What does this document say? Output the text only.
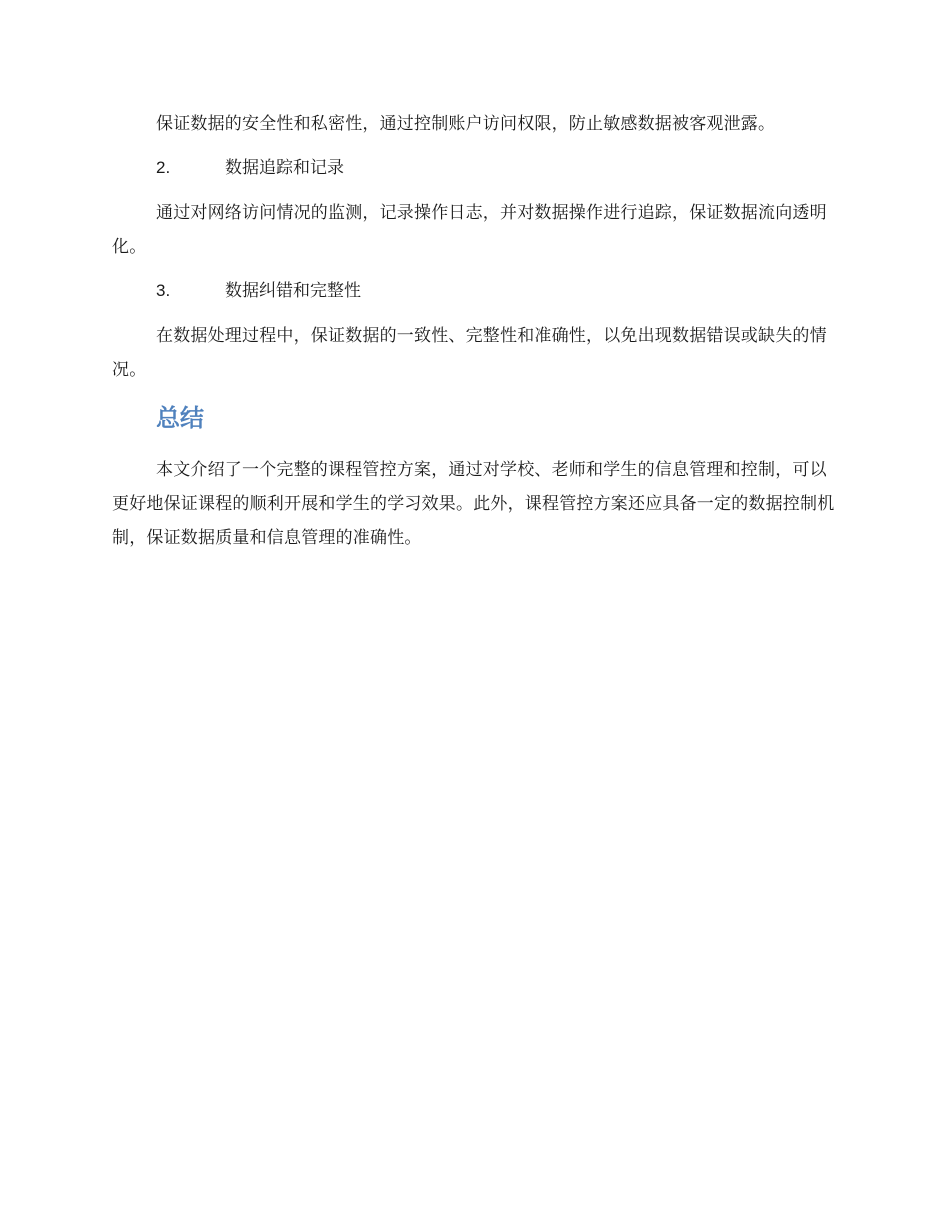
保证数据的安全性和私密性，通过控制账户访问权限，防止敏感数据被客观泄露。

2.	数据追踪和记录

通过对网络访问情况的监测，记录操作日志，并对数据操作进行追踪，保证数据流向透明化。

3.	数据纠错和完整性

在数据处理过程中，保证数据的一致性、完整性和准确性，以免出现数据错误或缺失的情况。

总结

本文介绍了一个完整的课程管控方案，通过对学校、老师和学生的信息管理和控制，可以更好地保证课程的顺利开展和学生的学习效果。此外，课程管控方案还应具备一定的数据控制机制，保证数据质量和信息管理的准确性。
